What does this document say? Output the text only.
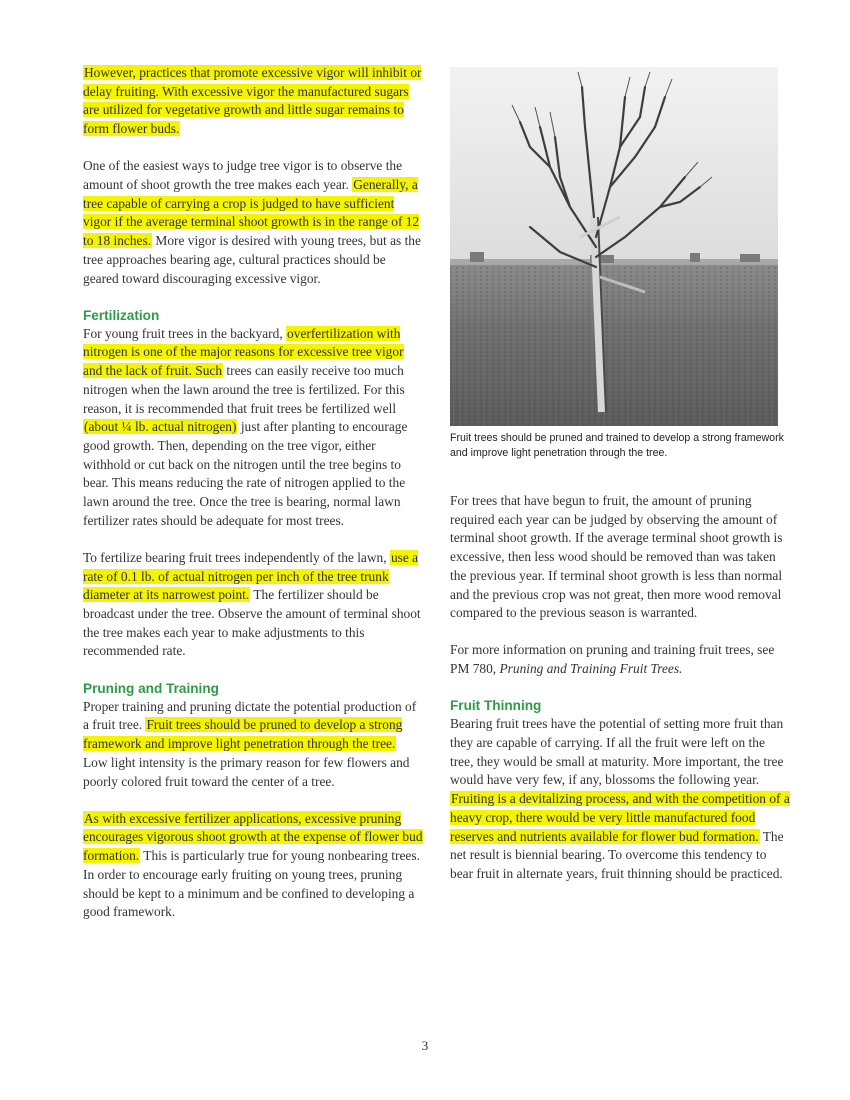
However, practices that promote excessive vigor will inhibit or delay fruiting. With excessive vigor the manufactured sugars are utilized for vegetative growth and little sugar remains to form flower buds.

One of the easiest ways to judge tree vigor is to observe the amount of shoot growth the tree makes each year. Generally, a tree capable of carrying a crop is judged to have sufficient vigor if the average terminal shoot growth is in the range of 12 to 18 inches. More vigor is desired with young trees, but as the tree approaches bearing age, cultural practices should be geared toward discouraging excessive vigor.

Fertilization

For young fruit trees in the backyard, overfertilization with nitrogen is one of the major reasons for excessive tree vigor and the lack of fruit. Such trees can easily receive too much nitrogen when the lawn around the tree is fertilized. For this reason, it is recommended that fruit trees be fertilized well (about ¼ lb. actual nitrogen) just after planting to encourage good growth. Then, depending on the tree vigor, either withhold or cut back on the nitrogen until the tree begins to bear. This means reducing the rate of nitrogen applied to the lawn around the tree. Once the tree is bearing, normal lawn fertilizer rates should be adequate for most trees.

To fertilize bearing fruit trees independently of the lawn, use a rate of 0.1 lb. of actual nitrogen per inch of the tree trunk diameter at its narrowest point. The fertilizer should be broadcast under the tree. Observe the amount of terminal shoot the tree makes each year to make adjustments to this recommended rate.

Pruning and Training

Proper training and pruning dictate the potential production of a fruit tree. Fruit trees should be pruned to develop a strong framework and improve light penetration through the tree. Low light intensity is the primary reason for few flowers and poorly colored fruit toward the center of a tree.

As with excessive fertilizer applications, excessive pruning encourages vigorous shoot growth at the expense of flower bud formation. This is particularly true for young nonbearing trees. In order to encourage early fruiting on young trees, pruning should be kept to a minimum and be confined to developing a good framework.

Fruit trees should be pruned and trained to develop a strong framework and improve light penetration through the tree.

For trees that have begun to fruit, the amount of pruning required each year can be judged by observing the amount of terminal shoot growth. If the average terminal shoot growth is excessive, then less wood should be removed than was taken the previous year. If terminal shoot growth is less than normal and the previous crop was not great, then more wood removal compared to the previous season is warranted.

For more information on pruning and training fruit trees, see PM 780, Pruning and Training Fruit Trees.

Fruit Thinning

Bearing fruit trees have the potential of setting more fruit than they are capable of carrying. If all the fruit were left on the tree, they would be small at maturity. More important, the tree would have very few, if any, blossoms the following year. Fruiting is a devitalizing process, and with the competition of a heavy crop, there would be very little manufactured food reserves and nutrients available for flower bud formation. The net result is biennial bearing. To overcome this tendency to bear fruit in alternate years, fruit thinning should be practiced.

3
